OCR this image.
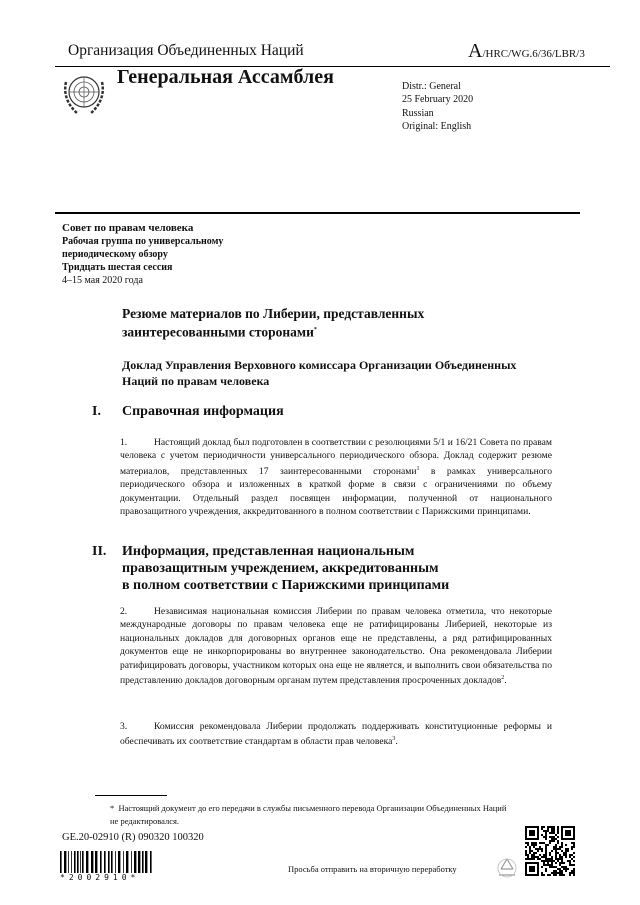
Организация Объединенных Наций	A/HRC/WG.6/36/LBR/3
Генеральная Ассамблея	Distr.: General
25 February 2020
Russian
Original: English
Совет по правам человека
Рабочая группа по универсальному
периодическому обзору
Тридцать шестая сессия
4–15 мая 2020 года
Резюме материалов по Либерии, представленных заинтересованными сторонами*
Доклад Управления Верховного комиссара Организации Объединенных Наций по правам человека
I. Справочная информация
1.	Настоящий доклад был подготовлен в соответствии с резолюциями 5/1 и 16/21 Совета по правам человека с учетом периодичности универсального периодического обзора. Доклад содержит резюме материалов, представленных 17 заинтересованными сторонами$^1$ в рамках универсального периодического обзора и изложенных в краткой форме в связи с ограничениями по объему документации. Отдельный раздел посвящен информации, полученной от национального правозащитного учреждения, аккредитованного в полном соответствии с Парижскими принципами.
II. Информация, представленная национальным
правозащитным учреждением, аккредитованным
в полном соответствии с Парижскими принципами
2.	Независимая национальная комиссия Либерии по правам человека отметила, что некоторые международные договоры по правам человека еще не ратифицированы Либерией, некоторые из национальных докладов для договорных органов еще не представлены, а ряд ратифицированных документов еще не инкорпорированы во внутреннее законодательство. Она рекомендовала Либерии ратифицировать договоры, участником которых она еще не является, и выполнить свои обязательства по представлению докладов договорным органам путем представления просроченных докладов$^2$.
3.	Комиссия рекомендовала Либерии продолжать поддерживать конституционные реформы и обеспечивать их соответствие стандартам в области прав человека$^3$.
* Настоящий документ до его передачи в службы письменного перевода Организации Объединенных Наций не редактировался.
GE.20-02910 (R) 090320 100320
*2002910*
Просьба отправить на вторичную переработку
